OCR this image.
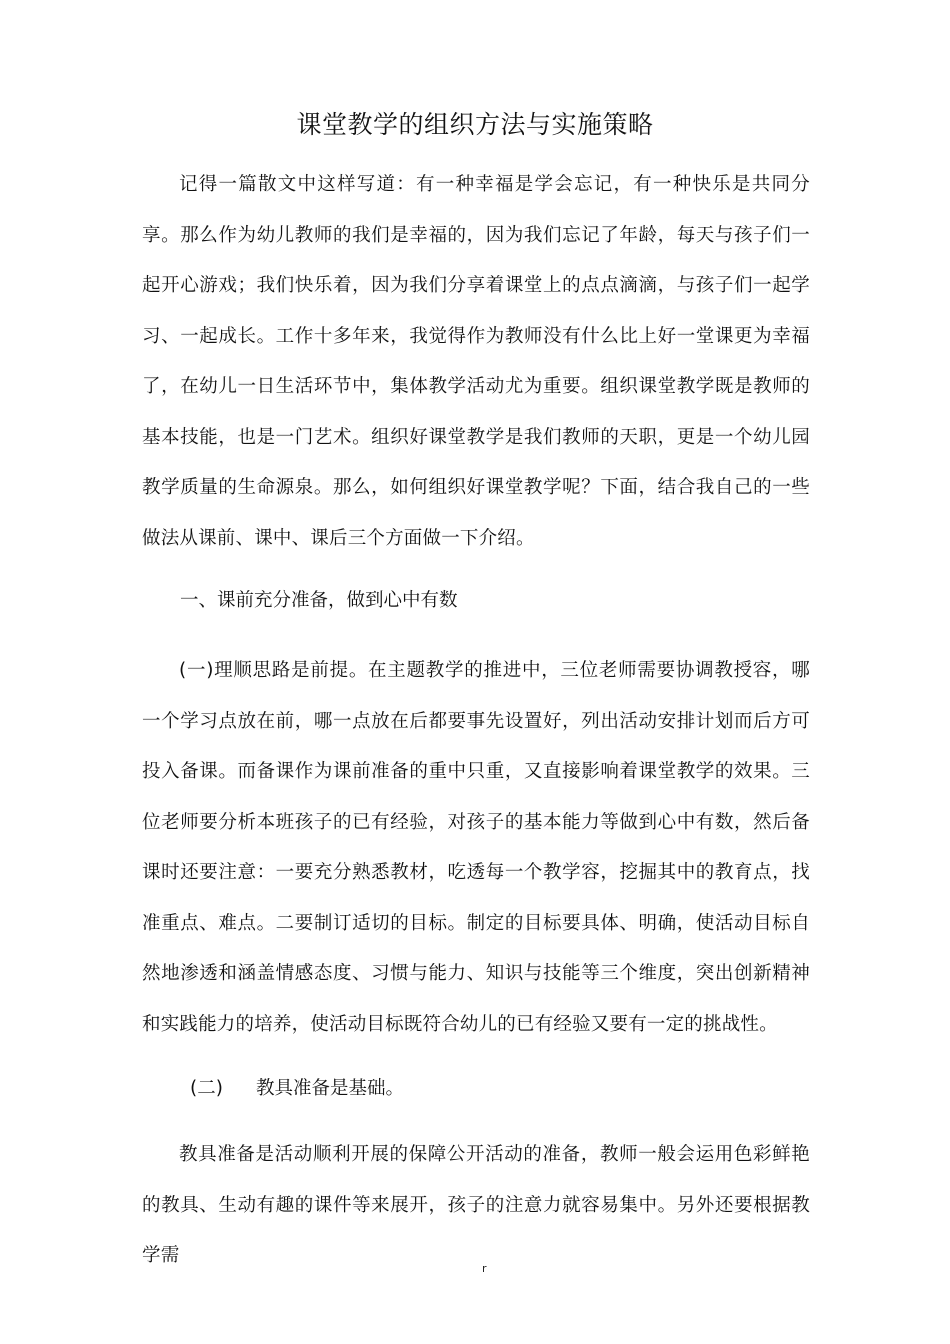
课堂教学的组织方法与实施策略

记得一篇散文中这样写道：有一种幸福是学会忘记，有一种快乐是共同分享。那么作为幼儿教师的我们是幸福的，因为我们忘记了年龄，每天与孩子们一起开心游戏；我们快乐着，因为我们分享着课堂上的点点滴滴，与孩子们一起学习、一起成长。工作十多年来，我觉得作为教师没有什么比上好一堂课更为幸福了，在幼儿一日生活环节中，集体教学活动尤为重要。组织课堂教学既是教师的基本技能，也是一门艺术。组织好课堂教学是我们教师的天职，更是一个幼儿园教学质量的生命源泉。那么，如何组织好课堂教学呢？下面，结合我自己的一些做法从课前、课中、课后三个方面做一下介绍。

一、课前充分准备，做到心中有数

(一)理顺思路是前提。在主题教学的推进中，三位老师需要协调教授容，哪一个学习点放在前，哪一点放在后都要事先设置好，列出活动安排计划而后方可投入备课。而备课作为课前准备的重中只重，又直接影响着课堂教学的效果。三位老师要分析本班孩子的已有经验，对孩子的基本能力等做到心中有数，然后备课时还要注意：一要充分熟悉教材，吃透每一个教学容，挖掘其中的教育点，找准重点、难点。二要制订适切的目标。制定的目标要具体、明确，使活动目标自然地渗透和涵盖情感态度、习惯与能力、知识与技能等三个维度，突出创新精神和实践能力的培养，使活动目标既符合幼儿的已有经验又要有一定的挑战性。

(二) 教具准备是基础。

教具准备是活动顺利开展的保障公开活动的准备，教师一般会运用色彩鲜艳的教具、生动有趣的课件等来展开，孩子的注意力就容易集中。另外还要根据教学需

r
